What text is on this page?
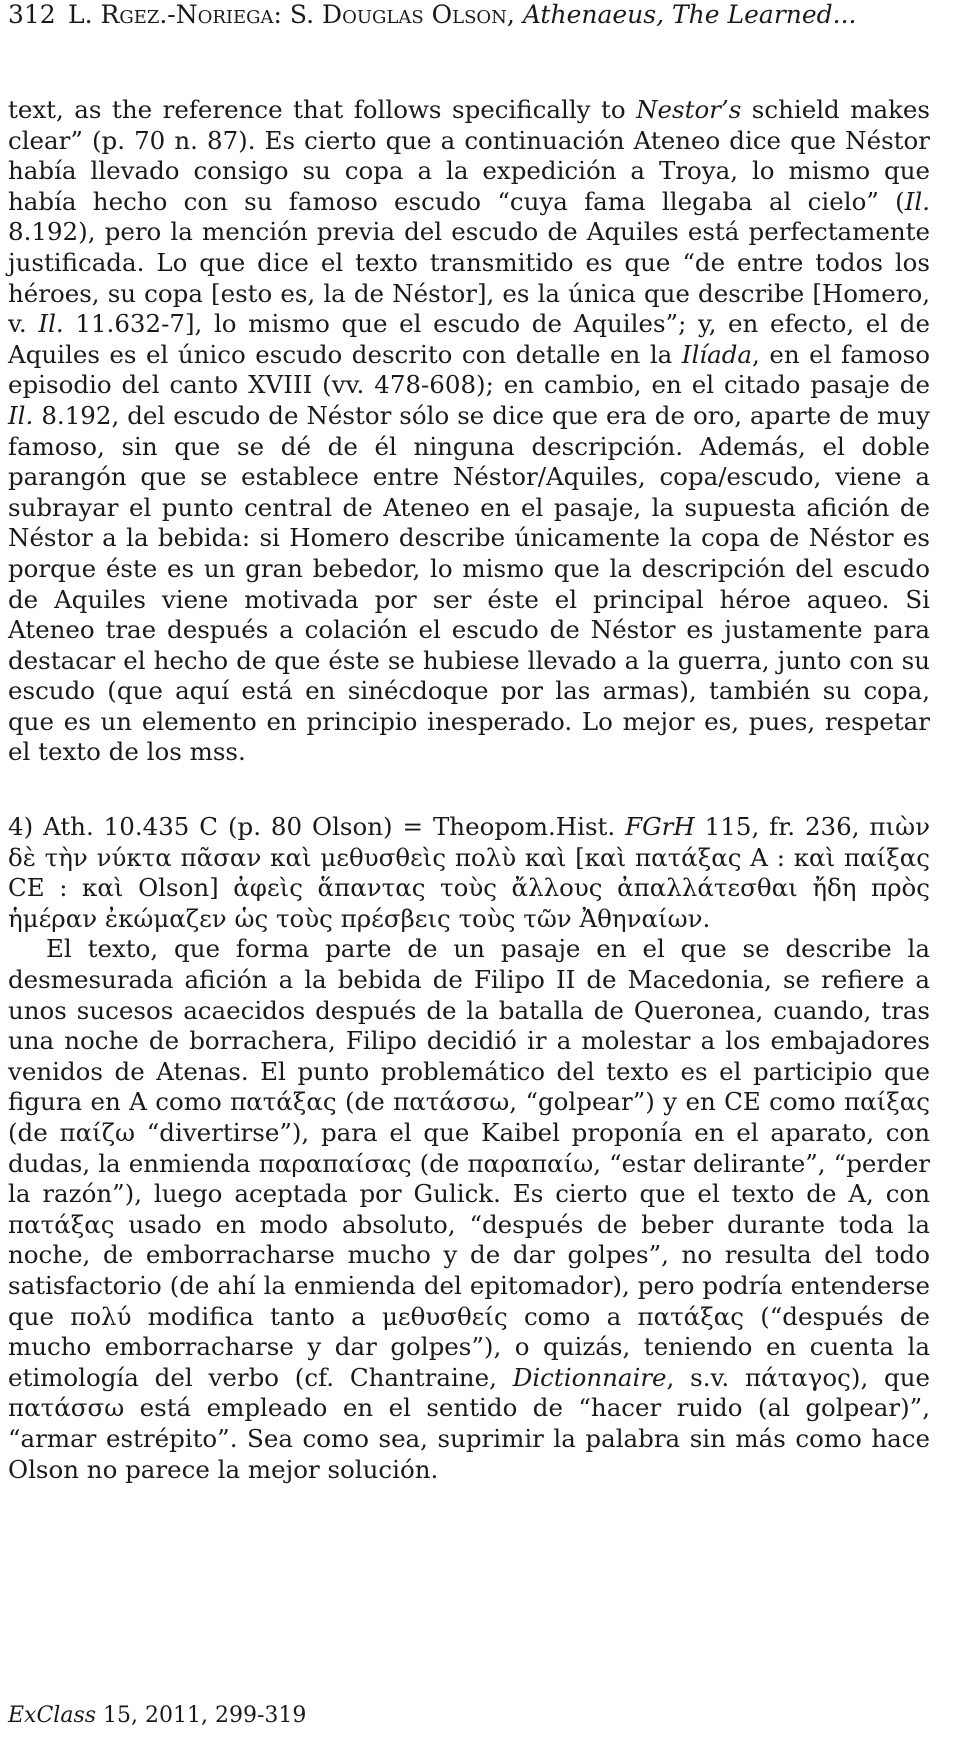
312 L. Rgez.-Noriega: S. Douglas Olson, Athenaeus, The Learned...

text, as the reference that follows specifically to Nestor’s schield makes clear” (p. 70 n. 87). Es cierto que a continuación Ateneo dice que Néstor había llevado consigo su copa a la expedición a Troya, lo mismo que había hecho con su famoso escudo “cuya fama llegaba al cielo” (Il. 8.192), pero la mención previa del escudo de Aquiles está perfectamente justificada. Lo que dice el texto transmitido es que “de entre todos los héroes, su copa [esto es, la de Néstor], es la única que describe [Homero, v. Il. 11.632-7], lo mismo que el escudo de Aquiles”; y, en efecto, el de Aquiles es el único escudo descrito con detalle en la Ilíada, en el famoso episodio del canto XVIII (vv. 478-608); en cambio, en el citado pasaje de Il. 8.192, del escudo de Néstor sólo se dice que era de oro, aparte de muy famoso, sin que se dé de él ninguna descripción. Además, el doble parangón que se establece entre Néstor/Aquiles, copa/escudo, viene a subrayar el punto central de Ateneo en el pasaje, la supuesta afición de Néstor a la bebida: si Homero describe únicamente la copa de Néstor es porque éste es un gran bebedor, lo mismo que la descripción del escudo de Aquiles viene motivada por ser éste el principal héroe aqueo. Si Ateneo trae después a colación el escudo de Néstor es justamente para destacar el hecho de que éste se hubiese llevado a la guerra, junto con su escudo (que aquí está en sinécdoque por las armas), también su copa, que es un elemento en principio inesperado. Lo mejor es, pues, respetar el texto de los mss.

4) Ath. 10.435 C (p. 80 Olson) = Theopom.Hist. FGrH 115, fr. 236, πιὼν δὲ τὴν νύκτα πᾶσαν καὶ μεθυσθεὶς πολὺ καὶ [καὶ πατάξας A : καὶ παίξας CE : καὶ Olson] ἀφεὶς ἅπαντας τοὺς ἄλλους ἀπαλλάτεσθαι ἤδη πρὸς ἡμέραν ἐκώμαζεν ὡς τοὺς πρέσβεις τοὺς τῶν Ἀθηναίων.

El texto, que forma parte de un pasaje en el que se describe la desmesurada afición a la bebida de Filipo II de Macedonia, se refiere a unos sucesos acaecidos después de la batalla de Queronea, cuando, tras una noche de borrachera, Filipo decidió ir a molestar a los embajadores venidos de Atenas. El punto problemático del texto es el participio que figura en A como πατάξας (de πατάσσω, “golpear”) y en CE como παίξας (de παίζω “divertirse”), para el que Kaibel proponía en el aparato, con dudas, la enmienda παραπαίσας (de παραπαίω, “estar delirante”, “perder la razón”), luego aceptada por Gulick. Es cierto que el texto de A, con πατάξας usado en modo absoluto, “después de beber durante toda la noche, de emborracharse mucho y de dar golpes”, no resulta del todo satisfactorio (de ahí la enmienda del epitomador), pero podría entenderse que πολύ modifica tanto a μεθυσθείς como a πατάξας (“después de mucho emborracharse y dar golpes”), o quizás, teniendo en cuenta la etimología del verbo (cf. Chantraine, Dictionnaire, s.v. πάταγος), que πατάσσω está empleado en el sentido de “hacer ruido (al golpear)”, “armar estrépito”. Sea como sea, suprimir la palabra sin más como hace Olson no parece la mejor solución.

ExClass 15, 2011, 299-319
